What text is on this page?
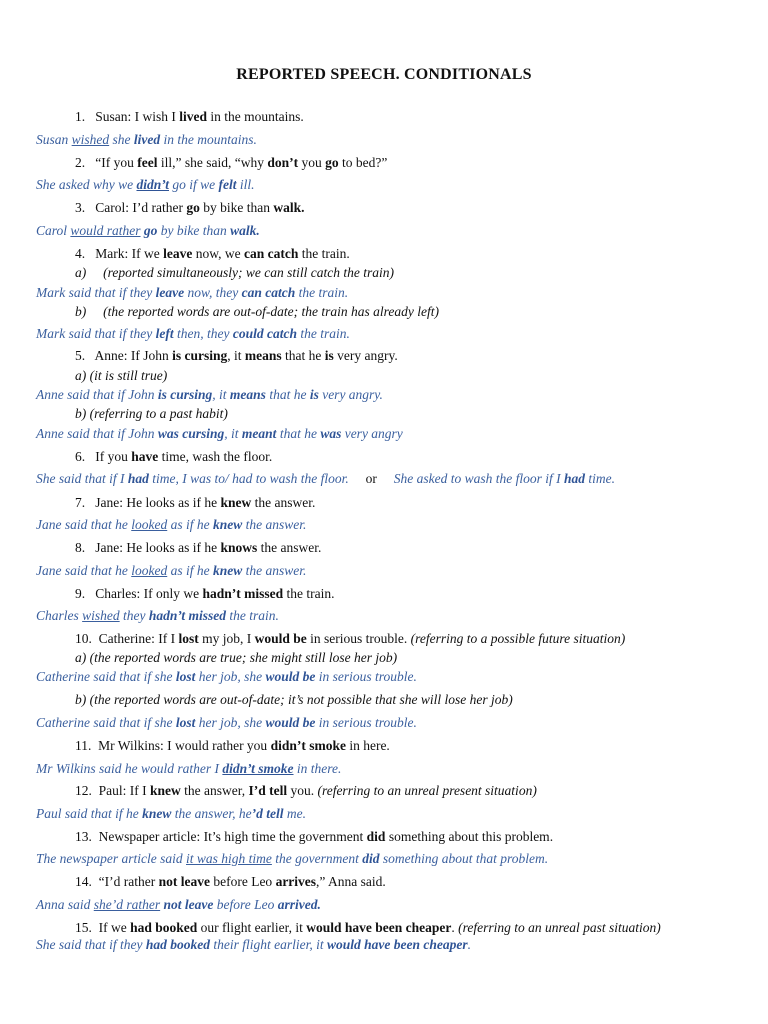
REPORTED SPEECH. CONDITIONALS
1.   Susan: I wish I lived in the mountains.
Susan wished she lived in the mountains.
2.   “If you feel ill,” she said, “why don’t you go to bed?”
She asked why we didn’t go if we felt ill.
3.   Carol: I’d rather go by bike than walk.
Carol would rather go by bike than walk.
4.   Mark: If we leave now, we can catch the train.
a)     (reported simultaneously; we can still catch the train)
Mark said that if they leave now, they can catch the train.
b)     (the reported words are out-of-date; the train has already left)
Mark said that if they left then, they could catch the train.
5.   Anne: If John is cursing, it means that he is very angry.
a) (it is still true)
Anne said that if John is cursing, it means that he is very angry.
b) (referring to a past habit)
Anne said that if John was cursing, it meant that he was very angry
6.   If you have time, wash the floor.
She said that if I had time, I was to/ had to wash the floor.     or     She asked to wash the floor if I had time.
7.   Jane: He looks as if he knew the answer.
Jane said that he looked as if he knew the answer.
8.   Jane: He looks as if he knows the answer.
Jane said that he looked as if he knew the answer.
9.   Charles: If only we hadn’t missed the train.
Charles wished they hadn’t missed the train.
10.  Catherine: If I lost my job, I would be in serious trouble. (referring to a possible future situation)
a) (the reported words are true; she might still lose her job)
Catherine said that if she lost her job, she would be in serious trouble.
b) (the reported words are out-of-date; it’s not possible that she will lose her job)
Catherine said that if she lost her job, she would be in serious trouble.
11.  Mr Wilkins: I would rather you didn’t smoke in here.
Mr Wilkins said he would rather I didn’t smoke in there.
12.  Paul: If I knew the answer, I’d tell you. (referring to an unreal present situation)
Paul said that if he knew the answer, he’d tell me.
13.  Newspaper article: It’s high time the government did something about this problem.
The newspaper article said it was high time the government did something about that problem.
14.  “I’d rather not leave before Leo arrives,” Anna said.
Anna said she’d rather not leave before Leo arrived.
15.  If we had booked our flight earlier, it would have been cheaper. (referring to an unreal past situation)
She said that if they had booked their flight earlier, it would have been cheaper.
